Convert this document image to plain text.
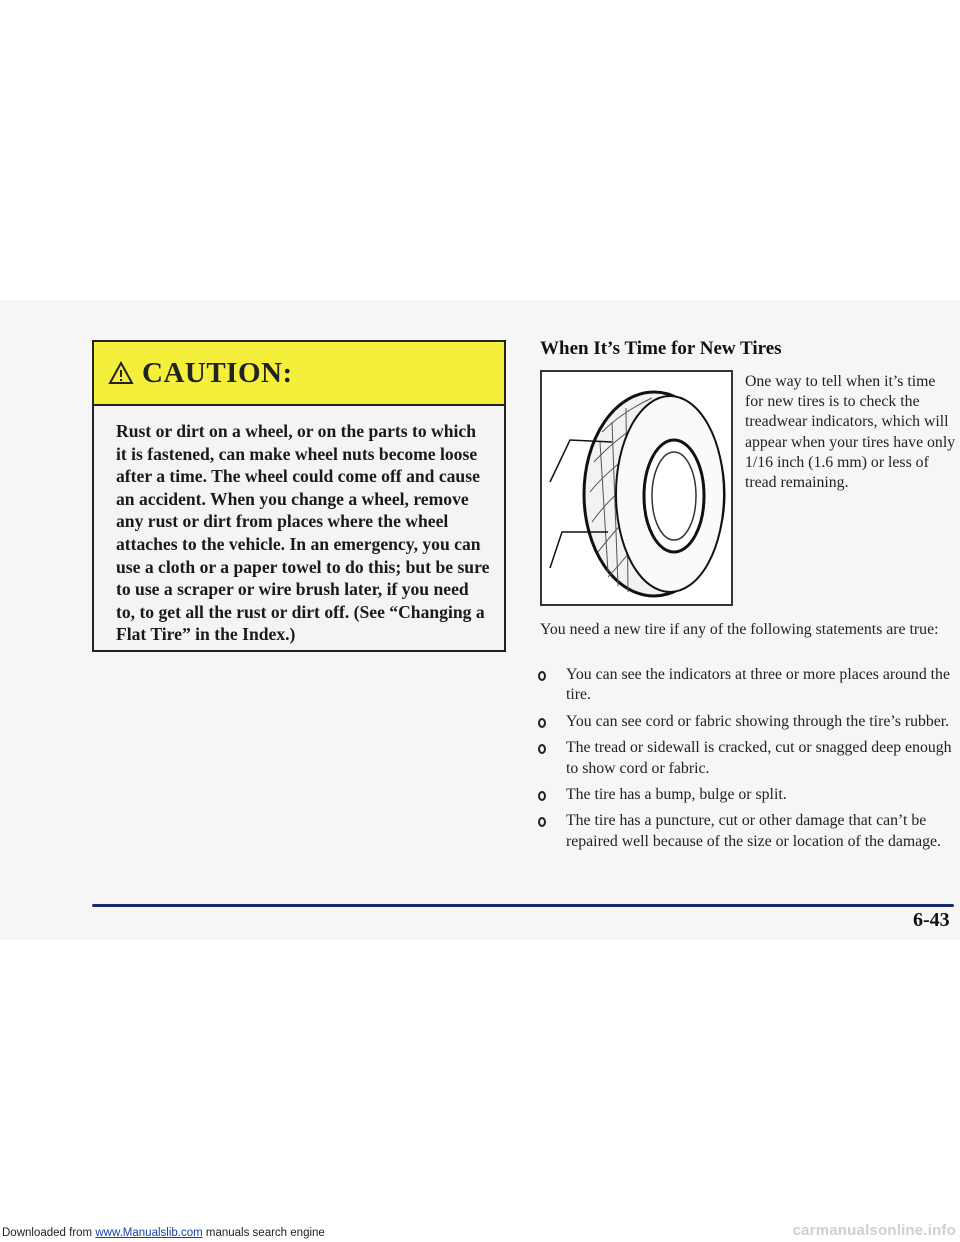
CAUTION:
Rust or dirt on a wheel, or on the parts to which it is fastened, can make wheel nuts become loose after a time. The wheel could come off and cause an accident. When you change a wheel, remove any rust or dirt from places where the wheel attaches to the vehicle. In an emergency, you can use a cloth or a paper towel to do this; but be sure to use a scraper or wire brush later, if you need to, to get all the rust or dirt off. (See “Changing a Flat Tire” in the Index.)
When It’s Time for New Tires
One way to tell when it’s time for new tires is to check the treadwear indicators, which will appear when your tires have only 1/16 inch (1.6 mm) or less of tread remaining.
You need a new tire if any of the following statements are true:
You can see the indicators at three or more places around the tire.
You can see cord or fabric showing through the tire’s rubber.
The tread or sidewall is cracked, cut or snagged deep enough to show cord or fabric.
The tire has a bump, bulge or split.
The tire has a puncture, cut or other damage that can’t be repaired well because of the size or location of the damage.
6-43
Downloaded from www.Manualslib.com manuals search engine	carmanualsonline.info
